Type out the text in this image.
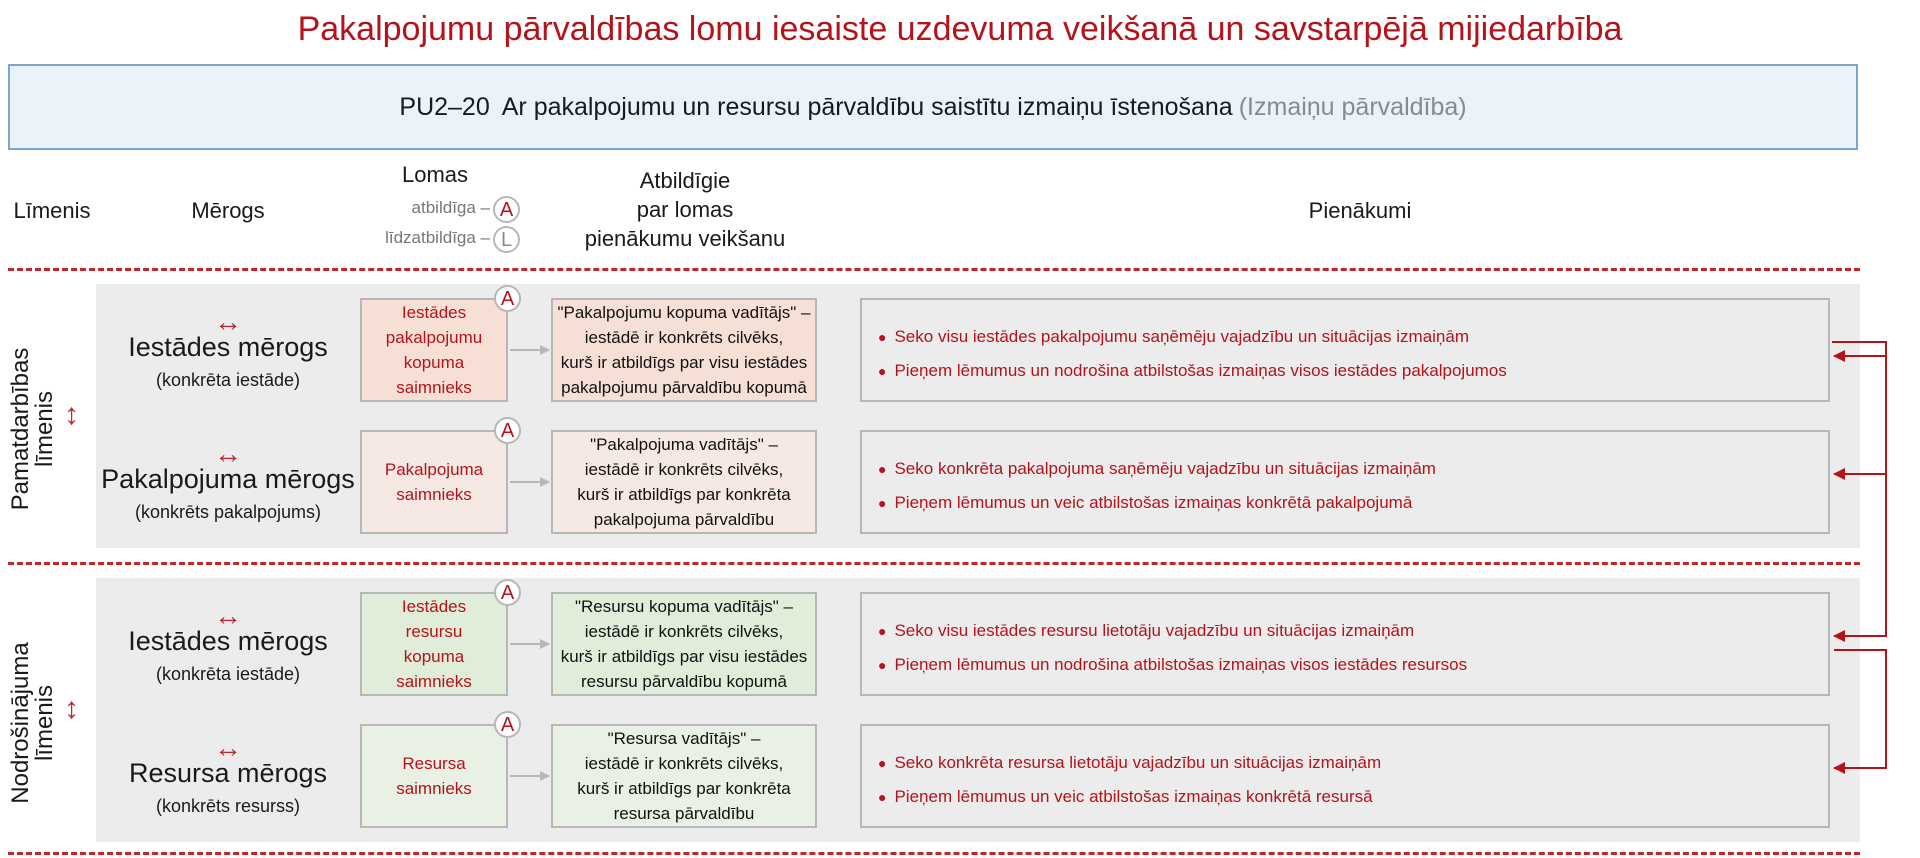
Pakalpojumu pārvaldības lomu iesaiste uzdevuma veikšanā un savstarpējā mijiedarbība
PU2–20 Ar pakalpojumu un resursu pārvaldību saistītu izmaiņu īstenošana (Izmaiņu pārvaldība)
Līmenis	Mērogs
Lomas
atbildīga – A
līdzatbildīga – L
Atbildīgie
par lomas
pienākumu veikšanu
Pienākumi
Pamatdarbības
līmenis ↕
Nodrošinājuma
līmenis ↕
↔
Iestādes mērogs
(konkrēta iestāde)
Iestādes
pakalpojumu
kopuma
saimnieks
A
"Pakalpojumu kopuma vadītājs" –
iestādē ir konkrēts cilvēks,
kurš ir atbildīgs par visu iestādes
pakalpojumu pārvaldību kopumā
● Seko visu iestādes pakalpojumu saņēmēju vajadzību un situācijas izmaiņām
● Pieņem lēmumus un nodrošina atbilstošas izmaiņas visos iestādes pakalpojumos
↔
Pakalpojuma mērogs
(konkrēts pakalpojums)
Pakalpojuma
saimnieks
A
"Pakalpojuma vadītājs" –
iestādē ir konkrēts cilvēks,
kurš ir atbildīgs par konkrēta
pakalpojuma pārvaldību
● Seko konkrēta pakalpojuma saņēmēju vajadzību un situācijas izmaiņām
● Pieņem lēmumus un veic atbilstošas izmaiņas konkrētā pakalpojumā
↔
Iestādes mērogs
(konkrēta iestāde)
Iestādes
resursu
kopuma
saimnieks
A
"Resursu kopuma vadītājs" –
iestādē ir konkrēts cilvēks,
kurš ir atbildīgs par visu iestādes
resursu pārvaldību kopumā
● Seko visu iestādes resursu lietotāju vajadzību un situācijas izmaiņām
● Pieņem lēmumus un nodrošina atbilstošas izmaiņas visos iestādes resursos
↔
Resursa mērogs
(konkrēts resurss)
Resursa
saimnieks
A
"Resursa vadītājs" –
iestādē ir konkrēts cilvēks,
kurš ir atbildīgs par konkrēta
resursa pārvaldību
● Seko konkrēta resursa lietotāju vajadzību un situācijas izmaiņām
● Pieņem lēmumus un veic atbilstošas izmaiņas konkrētā resursā
